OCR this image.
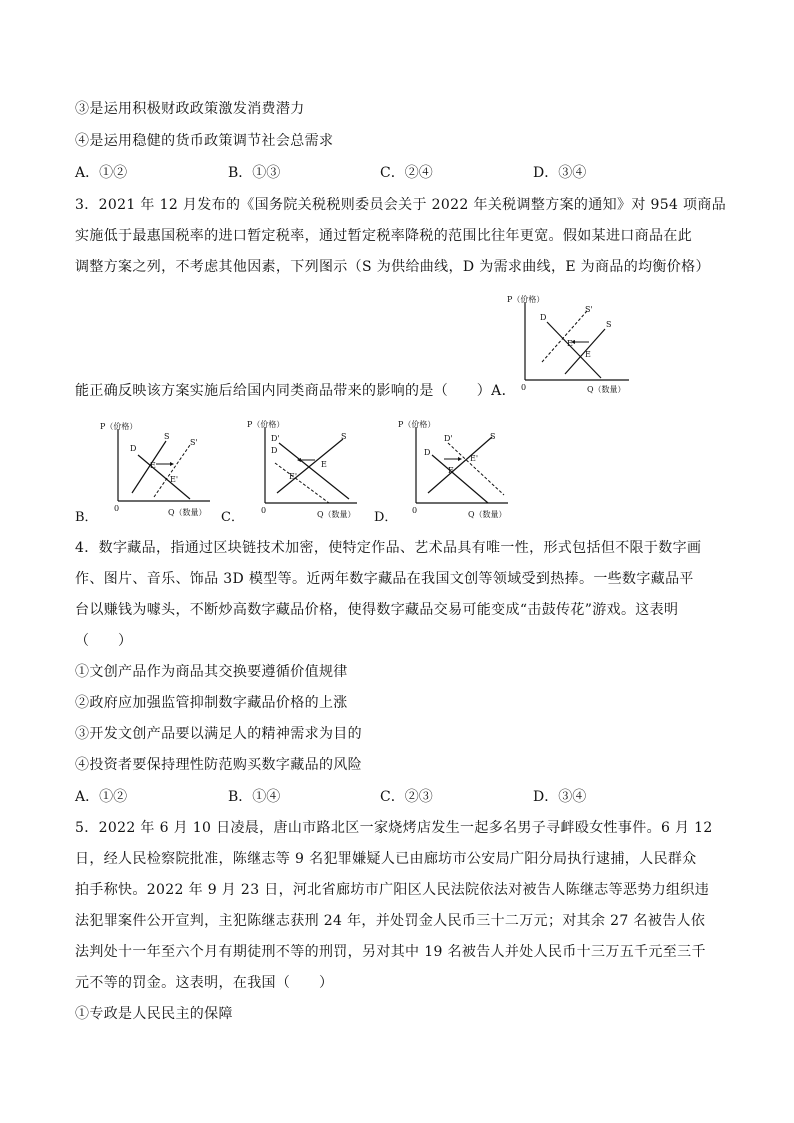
③是运用积极财政政策激发消费潜力
④是运用稳健的货币政策调节社会总需求
A．①②	B．①③	C．②④	D．③④
3．2021 年 12 月发布的《国务院关税税则委员会关于 2022 年关税调整方案的通知》对 954 项商品
实施低于最惠国税率的进口暂定税率，通过暂定税率降税的范围比往年更宽。假如某进口商品在此
调整方案之列，不考虑其他因素，下列图示（S 为供给曲线，D 为需求曲线，E 为商品的均衡价格）
能正确反映该方案实施后给国内同类商品带来的影响的是（　　）A．
P（价格）
Q（数量）
0
D
S'
S
E'
E
P（价格）
Q（数量）
0
D
S
S'
E
E'
B．
P（价格）
Q（数量）
0
D'
D
S
E
E'
C．
P（价格）
Q（数量）
0
D'
D
S
E
E'
D．
4．数字藏品，指通过区块链技术加密，使特定作品、艺术品具有唯一性，形式包括但不限于数字画
作、图片、音乐、饰品 3D 模型等。近两年数字藏品在我国文创等领域受到热捧。一些数字藏品平
台以赚钱为噱头，不断炒高数字藏品价格，使得数字藏品交易可能变成“击鼓传花”游戏。这表明
（　　）
①文创产品作为商品其交换要遵循价值规律
②政府应加强监管抑制数字藏品价格的上涨
③开发文创产品要以满足人的精神需求为目的
④投资者要保持理性防范购买数字藏品的风险
A．①②	B．①④	C．②③	D．③④
5．2022 年 6 月 10 日凌晨，唐山市路北区一家烧烤店发生一起多名男子寻衅殴女性事件。6 月 12
日，经人民检察院批准，陈继志等 9 名犯罪嫌疑人已由廊坊市公安局广阳分局执行逮捕，人民群众
拍手称快。2022 年 9 月 23 日，河北省廊坊市广阳区人民法院依法对被告人陈继志等恶势力组织违
法犯罪案件公开宣判，主犯陈继志获刑 24 年，并处罚金人民币三十二万元；对其余 27 名被告人依
法判处十一年至六个月有期徒刑不等的刑罚，另对其中 19 名被告人并处人民币十三万五千元至三千
元不等的罚金。这表明，在我国（　　）
①专政是人民民主的保障
